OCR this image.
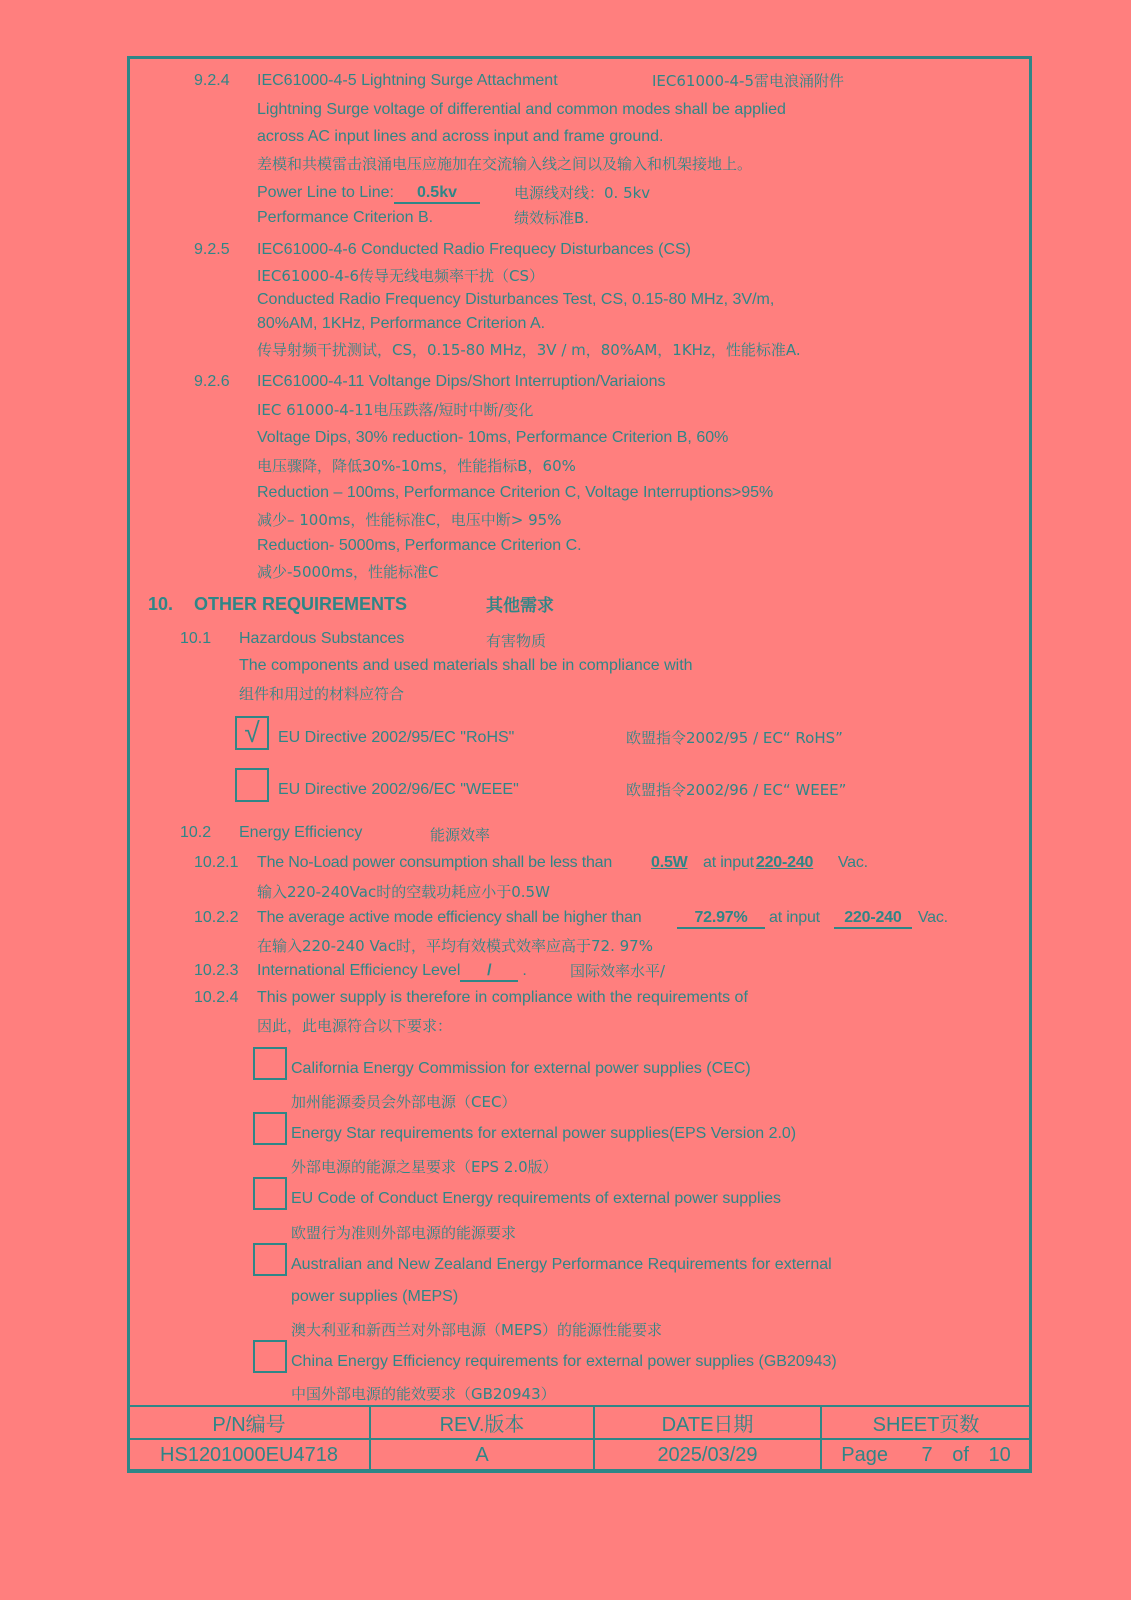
9.2.4 IEC61000-4-5 Lightning Surge Attachment	IEC61000-4-5雷电浪涌附件
Lightning Surge voltage of differential and common modes shall be applied
across AC input lines and across input and frame ground.
差模和共模雷击浪涌电压应施加在交流输入线之间以及输入和机架接地上。
Power Line to Line: 0.5kv	电源线对线：0. 5kv
Performance Criterion B.	绩效标准B.
9.2.5 IEC61000-4-6 Conducted Radio Frequecy Disturbances (CS)
IEC61000-4-6传导无线电频率干扰（CS）
Conducted Radio Frequency Disturbances Test, CS, 0.15-80 MHz, 3V/m,
80%AM, 1KHz, Performance Criterion A.
传导射频干扰测试，CS，0.15-80 MHz，3V / m，80%AM，1KHz，性能标准A.
9.2.6 IEC61000-4-11 Voltange Dips/Short Interruption/Variaions
IEC 61000-4-11电压跌落/短时中断/变化
Voltage Dips, 30% reduction- 10ms, Performance Criterion B, 60%
电压骤降，降低30%-10ms，性能指标B，60%
Reduction – 100ms, Performance Criterion C, Voltage Interruptions>95%
减少– 100ms，性能标准C，电压中断> 95%
Reduction- 5000ms, Performance Criterion C.
减少-5000ms，性能标准C
10. OTHER REQUIREMENTS	其他需求
10.1 Hazardous Substances	有害物质
The components and used materials shall be in compliance with
组件和用过的材料应符合
√	EU Directive 2002/95/EC "RoHS"	欧盟指令2002/95 / EC“ RoHS”
EU Directive 2002/96/EC "WEEE"	欧盟指令2002/96 / EC“ WEEE”
10.2 Energy Efficiency	能源效率
10.2.1 The No-Load power consumption shall be less than 0.5W at input 220-240 Vac.
输入220-240Vac时的空载功耗应小于0.5W
10.2.2 The average active mode efficiency shall be higher than	72.97% at input 220-240 Vac.
在输入220-240 Vac时，平均有效模式效率应高于72. 97%
10.2.3 International Efficiency Level / .	国际效率水平/
10.2.4 This power supply is therefore in compliance with the requirements of
因此，此电源符合以下要求：
California Energy Commission for external power supplies (CEC)
加州能源委员会外部电源（CEC）
Energy Star requirements for external power supplies(EPS Version 2.0)
外部电源的能源之星要求（EPS 2.0版）
EU Code of Conduct Energy requirements of external power supplies
欧盟行为准则外部电源的能源要求
Australian and New Zealand Energy Performance Requirements for external
power supplies (MEPS)
澳大利亚和新西兰对外部电源（MEPS）的能源性能要求
China Energy Efficiency requirements for external power supplies (GB20943)
中国外部电源的能效要求（GB20943）
P/N编号	REV.版本	DATE日期	SHEET页数
HS1201000EU4718	A	2025/03/29	Page 7 of 10
